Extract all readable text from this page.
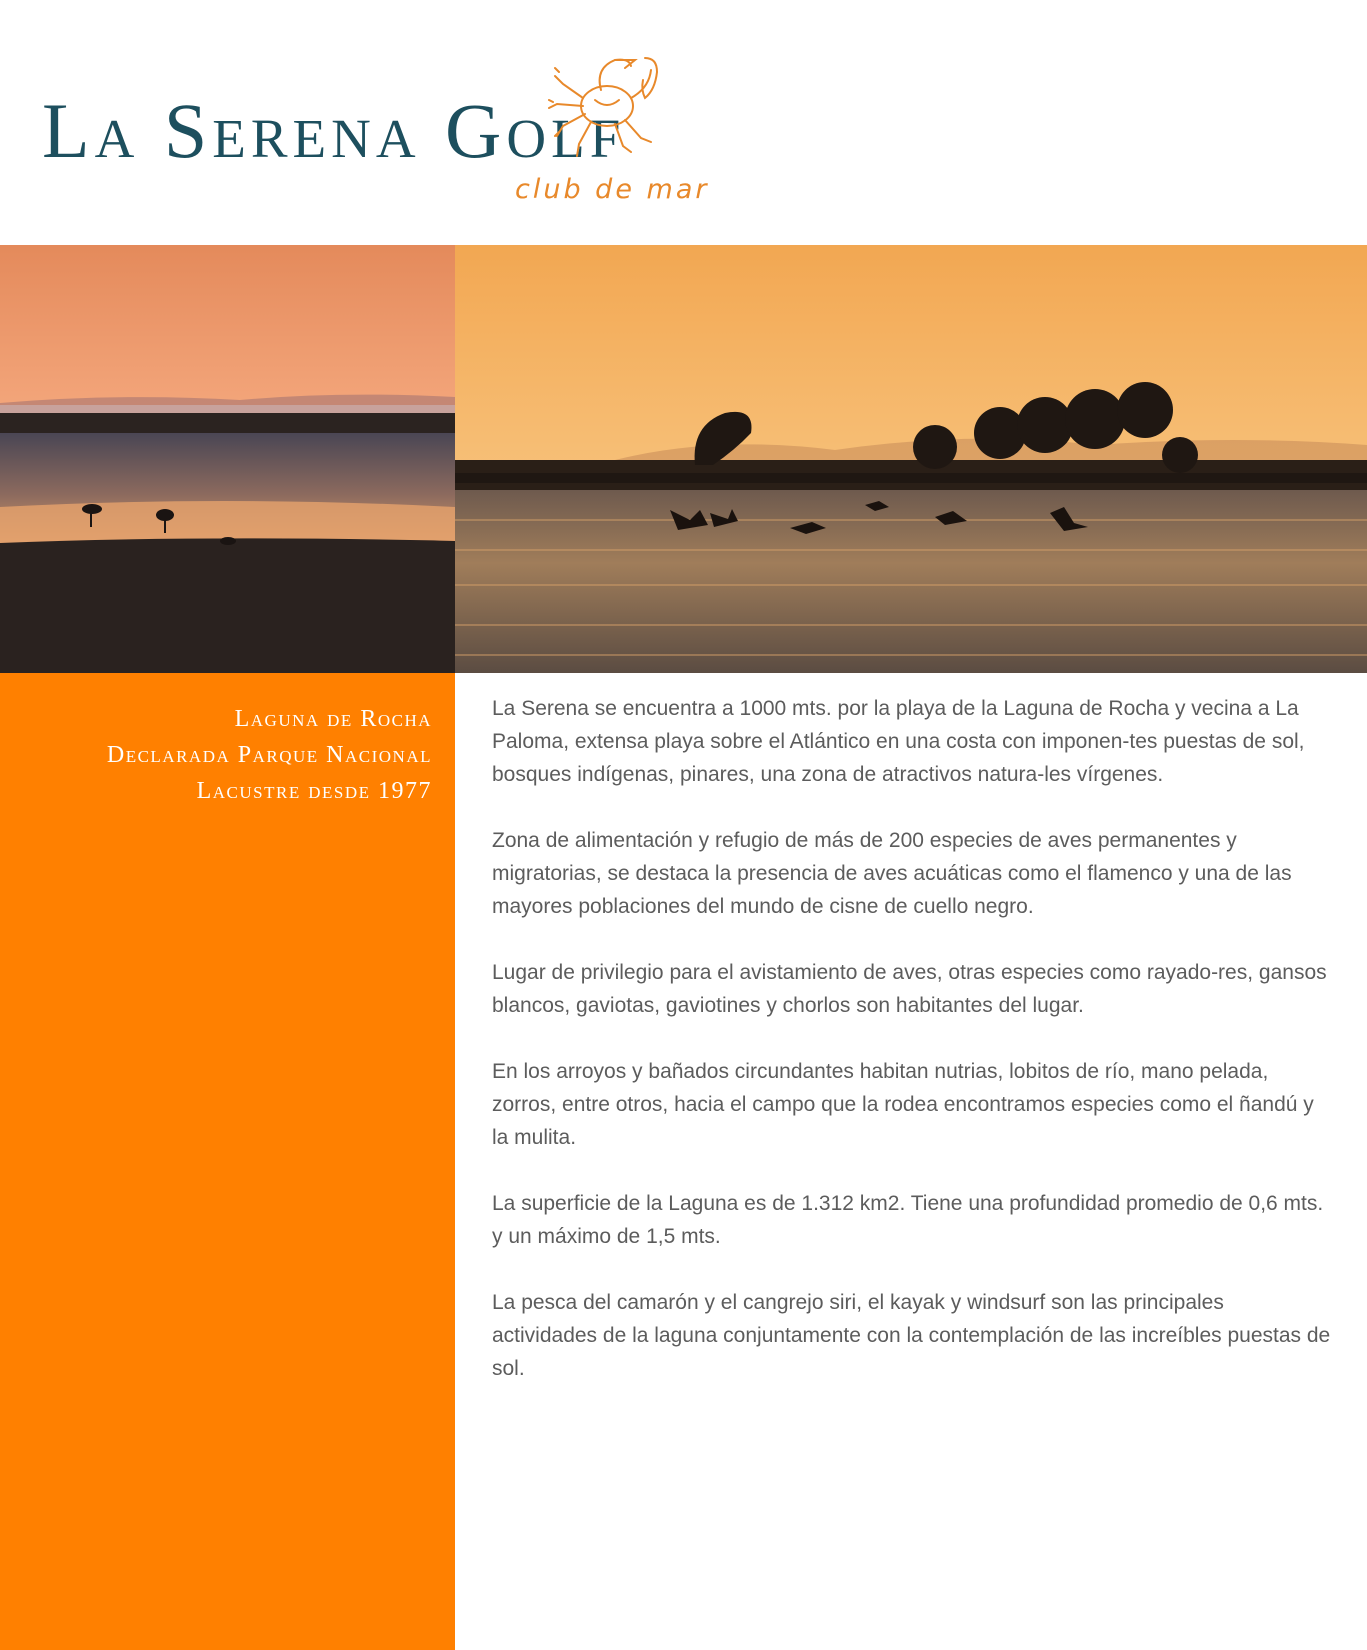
La Serena Golf
club de mar
Laguna de Rocha
Declarada Parque Nacional
Lacustre desde 1977

La Serena se encuentra a 1000 mts. por la playa de la Laguna de Rocha y vecina a La Paloma, extensa playa sobre el Atlántico en una costa con imponen-tes puestas de sol, bosques indígenas, pinares, una zona de atractivos natura-les vírgenes.

Zona de alimentación y refugio de más de 200 especies de aves permanentes y migratorias, se destaca la presencia de aves acuáticas como el flamenco y una de las mayores poblaciones del mundo de cisne de cuello negro.

Lugar de privilegio para el avistamiento de aves, otras especies como rayado-res, gansos blancos, gaviotas, gaviotines y chorlos son habitantes del lugar.

En los arroyos y bañados circundantes habitan nutrias, lobitos de río, mano pelada, zorros, entre otros, hacia el campo que la rodea encontramos especies como el ñandú y la mulita.

La superficie de la Laguna es de 1.312 km2. Tiene una profundidad promedio de 0,6 mts. y un máximo de 1,5 mts.

La pesca del camarón y el cangrejo siri, el kayak y windsurf son las principales actividades de la laguna conjuntamente con la contemplación de las increíbles puestas de sol.
